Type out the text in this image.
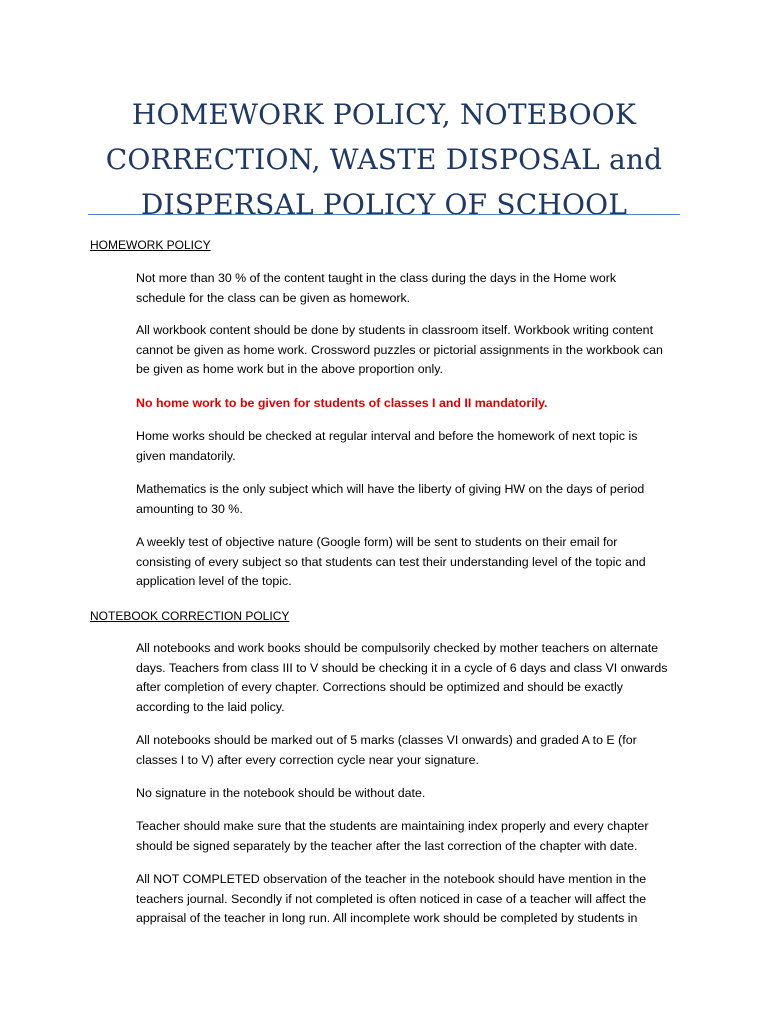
HOMEWORK POLICY, NOTEBOOK
CORRECTION, WASTE DISPOSAL and
DISPERSAL POLICY OF SCHOOL
HOMEWORK POLICY
Not more than 30 % of the content taught in the class during the days in the Home work
schedule for the class can be given as homework.
All workbook content should be done by students in classroom itself. Workbook writing content
cannot be given as home work. Crossword puzzles or pictorial assignments in the workbook can
be given as home work but in the above proportion only.
No home work to be given for students of classes I and II mandatorily.
Home works should be checked at regular interval and before the homework of next topic is
given mandatorily.
Mathematics is the only subject which will have the liberty of giving HW on the days of period
amounting to 30 %.
A weekly test of objective nature (Google form) will be sent to students on their email for
consisting of every subject so that students can test their understanding level of the topic and
application level of the topic.
NOTEBOOK CORRECTION POLICY
All notebooks and work books should be compulsorily checked by mother teachers on alternate
days. Teachers from class III to V should be checking it in a cycle of 6 days and class VI onwards
after completion of every chapter. Corrections should be optimized and should be exactly
according to the laid policy.
All notebooks should be marked out of 5 marks (classes VI onwards) and graded A to E (for
classes I to V) after every correction cycle near your signature.
No signature in the notebook should be without date.
Teacher should make sure that the students are maintaining index properly and every chapter
should be signed separately by the teacher after the last correction of the chapter with date.
All NOT COMPLETED observation of the teacher in the notebook should have mention in the
teachers journal. Secondly if not completed is often noticed in case of a teacher will affect the
appraisal of the teacher in long run. All incomplete work should be completed by students in
